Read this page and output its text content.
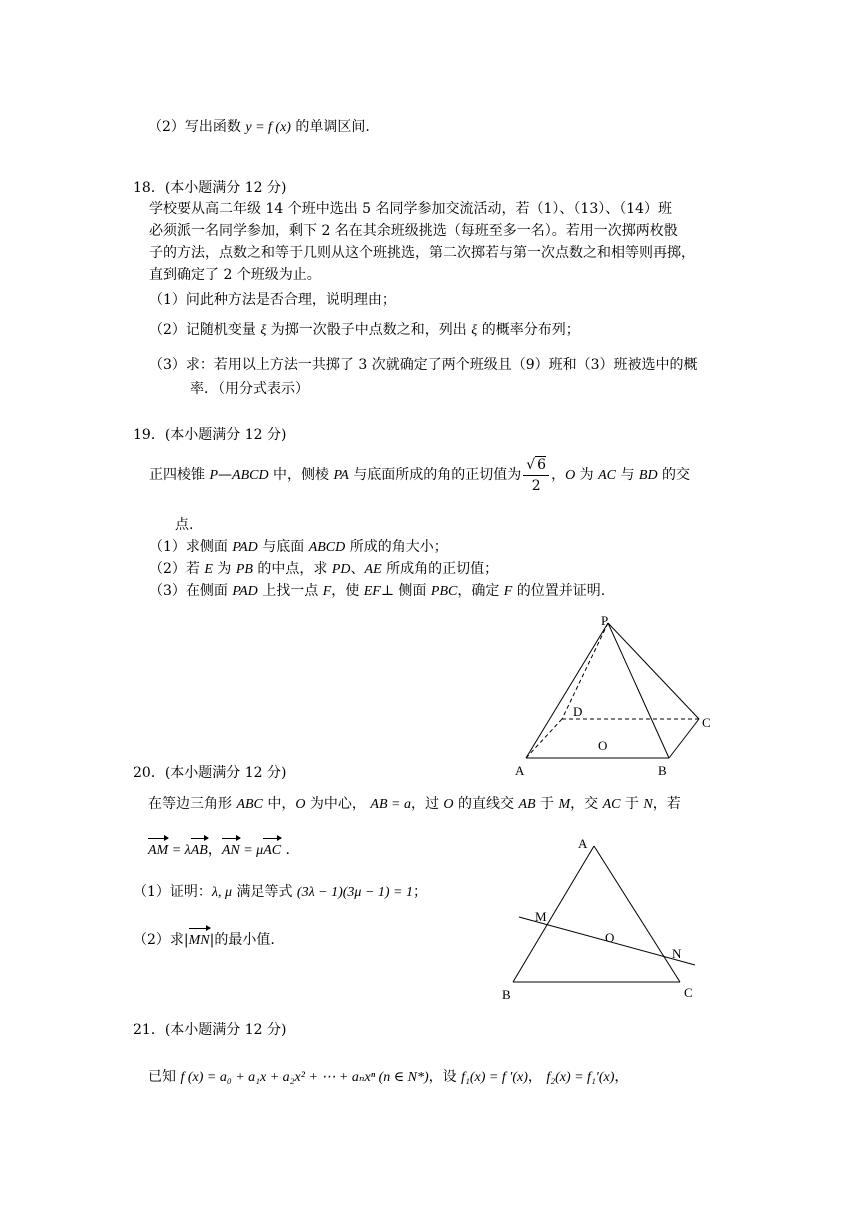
（2）写出函数 y = f (x) 的单调区间.
18．(本小题满分 12 分)
学校要从高二年级 14 个班中选出 5 名同学参加交流活动，若（1）、（13）、（14）班
必须派一名同学参加，剩下 2 名在其余班级挑选（每班至多一名）。若用一次掷两枚骰
子的方法，点数之和等于几则从这个班挑选，第二次掷若与第一次点数之和相等则再掷，
直到确定了 2 个班级为止。
（1）问此种方法是否合理，说明理由；
（2）记随机变量 ξ 为掷一次骰子中点数之和，列出 ξ 的概率分布列；
（3）求：若用以上方法一共掷了 3 次就确定了两个班级且（9）班和（3）班被选中的概
率．（用分式表示）
19．(本小题满分 12 分)
正四棱锥 P—ABCD 中，侧棱 PA 与底面所成的角的正切值为 $\frac{√ 6}{2}$ ，O 为 AC 与 BD 的交
点.
（1）求侧面 PAD 与底面 ABCD 所成的角大小；
（2）若 E 为 PB 的中点，求 PD、AE 所成角的正切值；
（3）在侧面 PAD 上找一点 F，使 EF⊥ 侧面 PBC，确定 F 的位置并证明.
P
D
C
O
A	B
20．(本小题满分 12 分)
在等边三角形 ABC 中，O 为中心， AB = a，过 O 的直线交 AB 于 M，交 AC 于 N，若
AM = λAB，AN = μAC .
（1）证明：λ, μ 满足等式 (3λ − 1)(3μ − 1) = 1；
（2）求|MN|的最小值.
A
M
O
N
B	C
21．(本小题满分 12 分)
已知 f (x) = a₀ + a₁x + a₂x² + ⋯ + aₙxⁿ (n ∈ N*)，设 f₁(x) = f ′(x)， f₂(x) = f₁′(x)，
